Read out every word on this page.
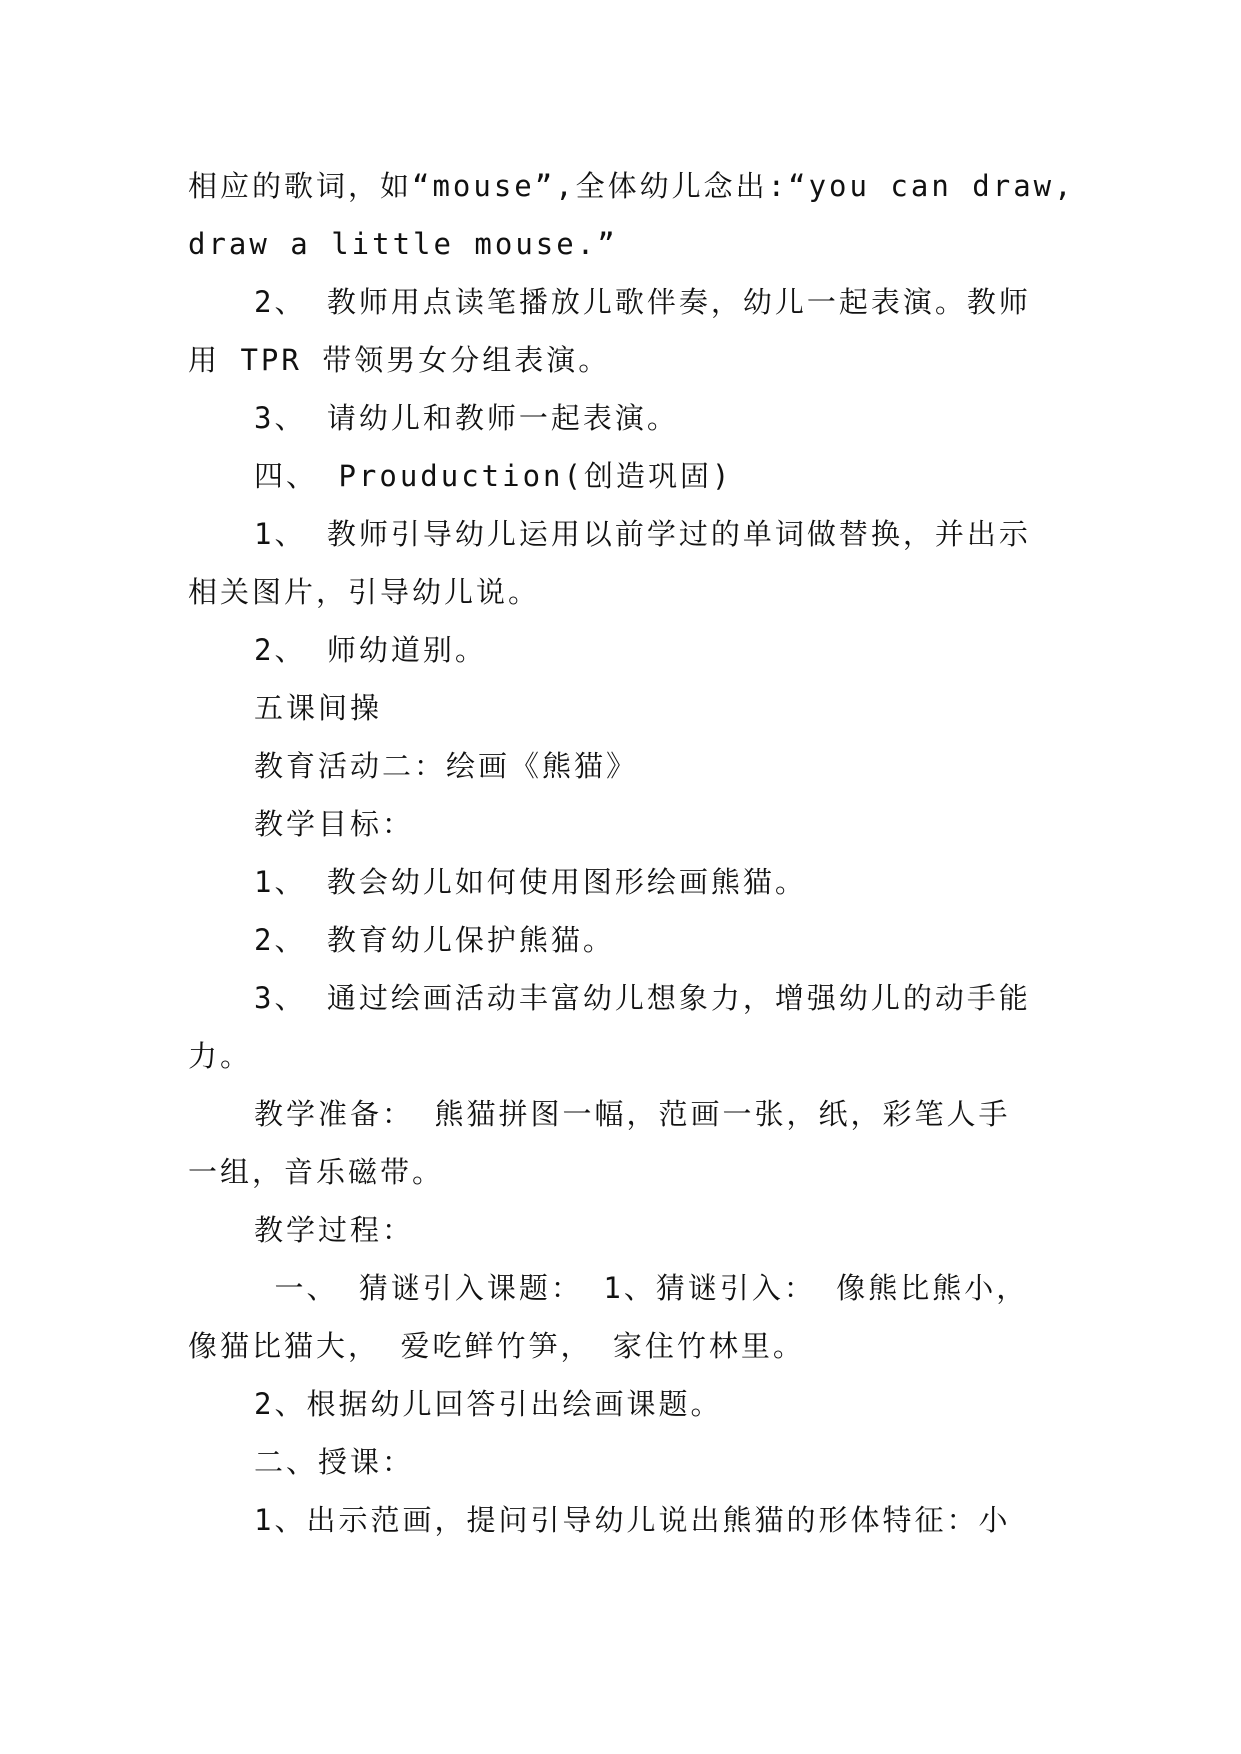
相应的歌词，如“mouse”,全体幼儿念出:“you can draw,
draw a little mouse.”
2、 教师用点读笔播放儿歌伴奏，幼儿一起表演。教师
用 TPR 带领男女分组表演。
3、 请幼儿和教师一起表演。
四、 Prouduction(创造巩固)
1、 教师引导幼儿运用以前学过的单词做替换，并出示
相关图片，引导幼儿说。
2、 师幼道别。
五课间操
教育活动二：绘画《熊猫》
教学目标：
1、 教会幼儿如何使用图形绘画熊猫。
2、 教育幼儿保护熊猫。
3、 通过绘画活动丰富幼儿想象力，增强幼儿的动手能
力。
教学准备： 熊猫拼图一幅，范画一张，纸，彩笔人手
一组，音乐磁带。
教学过程：
一、 猜谜引入课题： 1、猜谜引入： 像熊比熊小，
像猫比猫大， 爱吃鲜竹笋， 家住竹林里。
2、根据幼儿回答引出绘画课题。
二、授课：
1、出示范画，提问引导幼儿说出熊猫的形体特征：小
